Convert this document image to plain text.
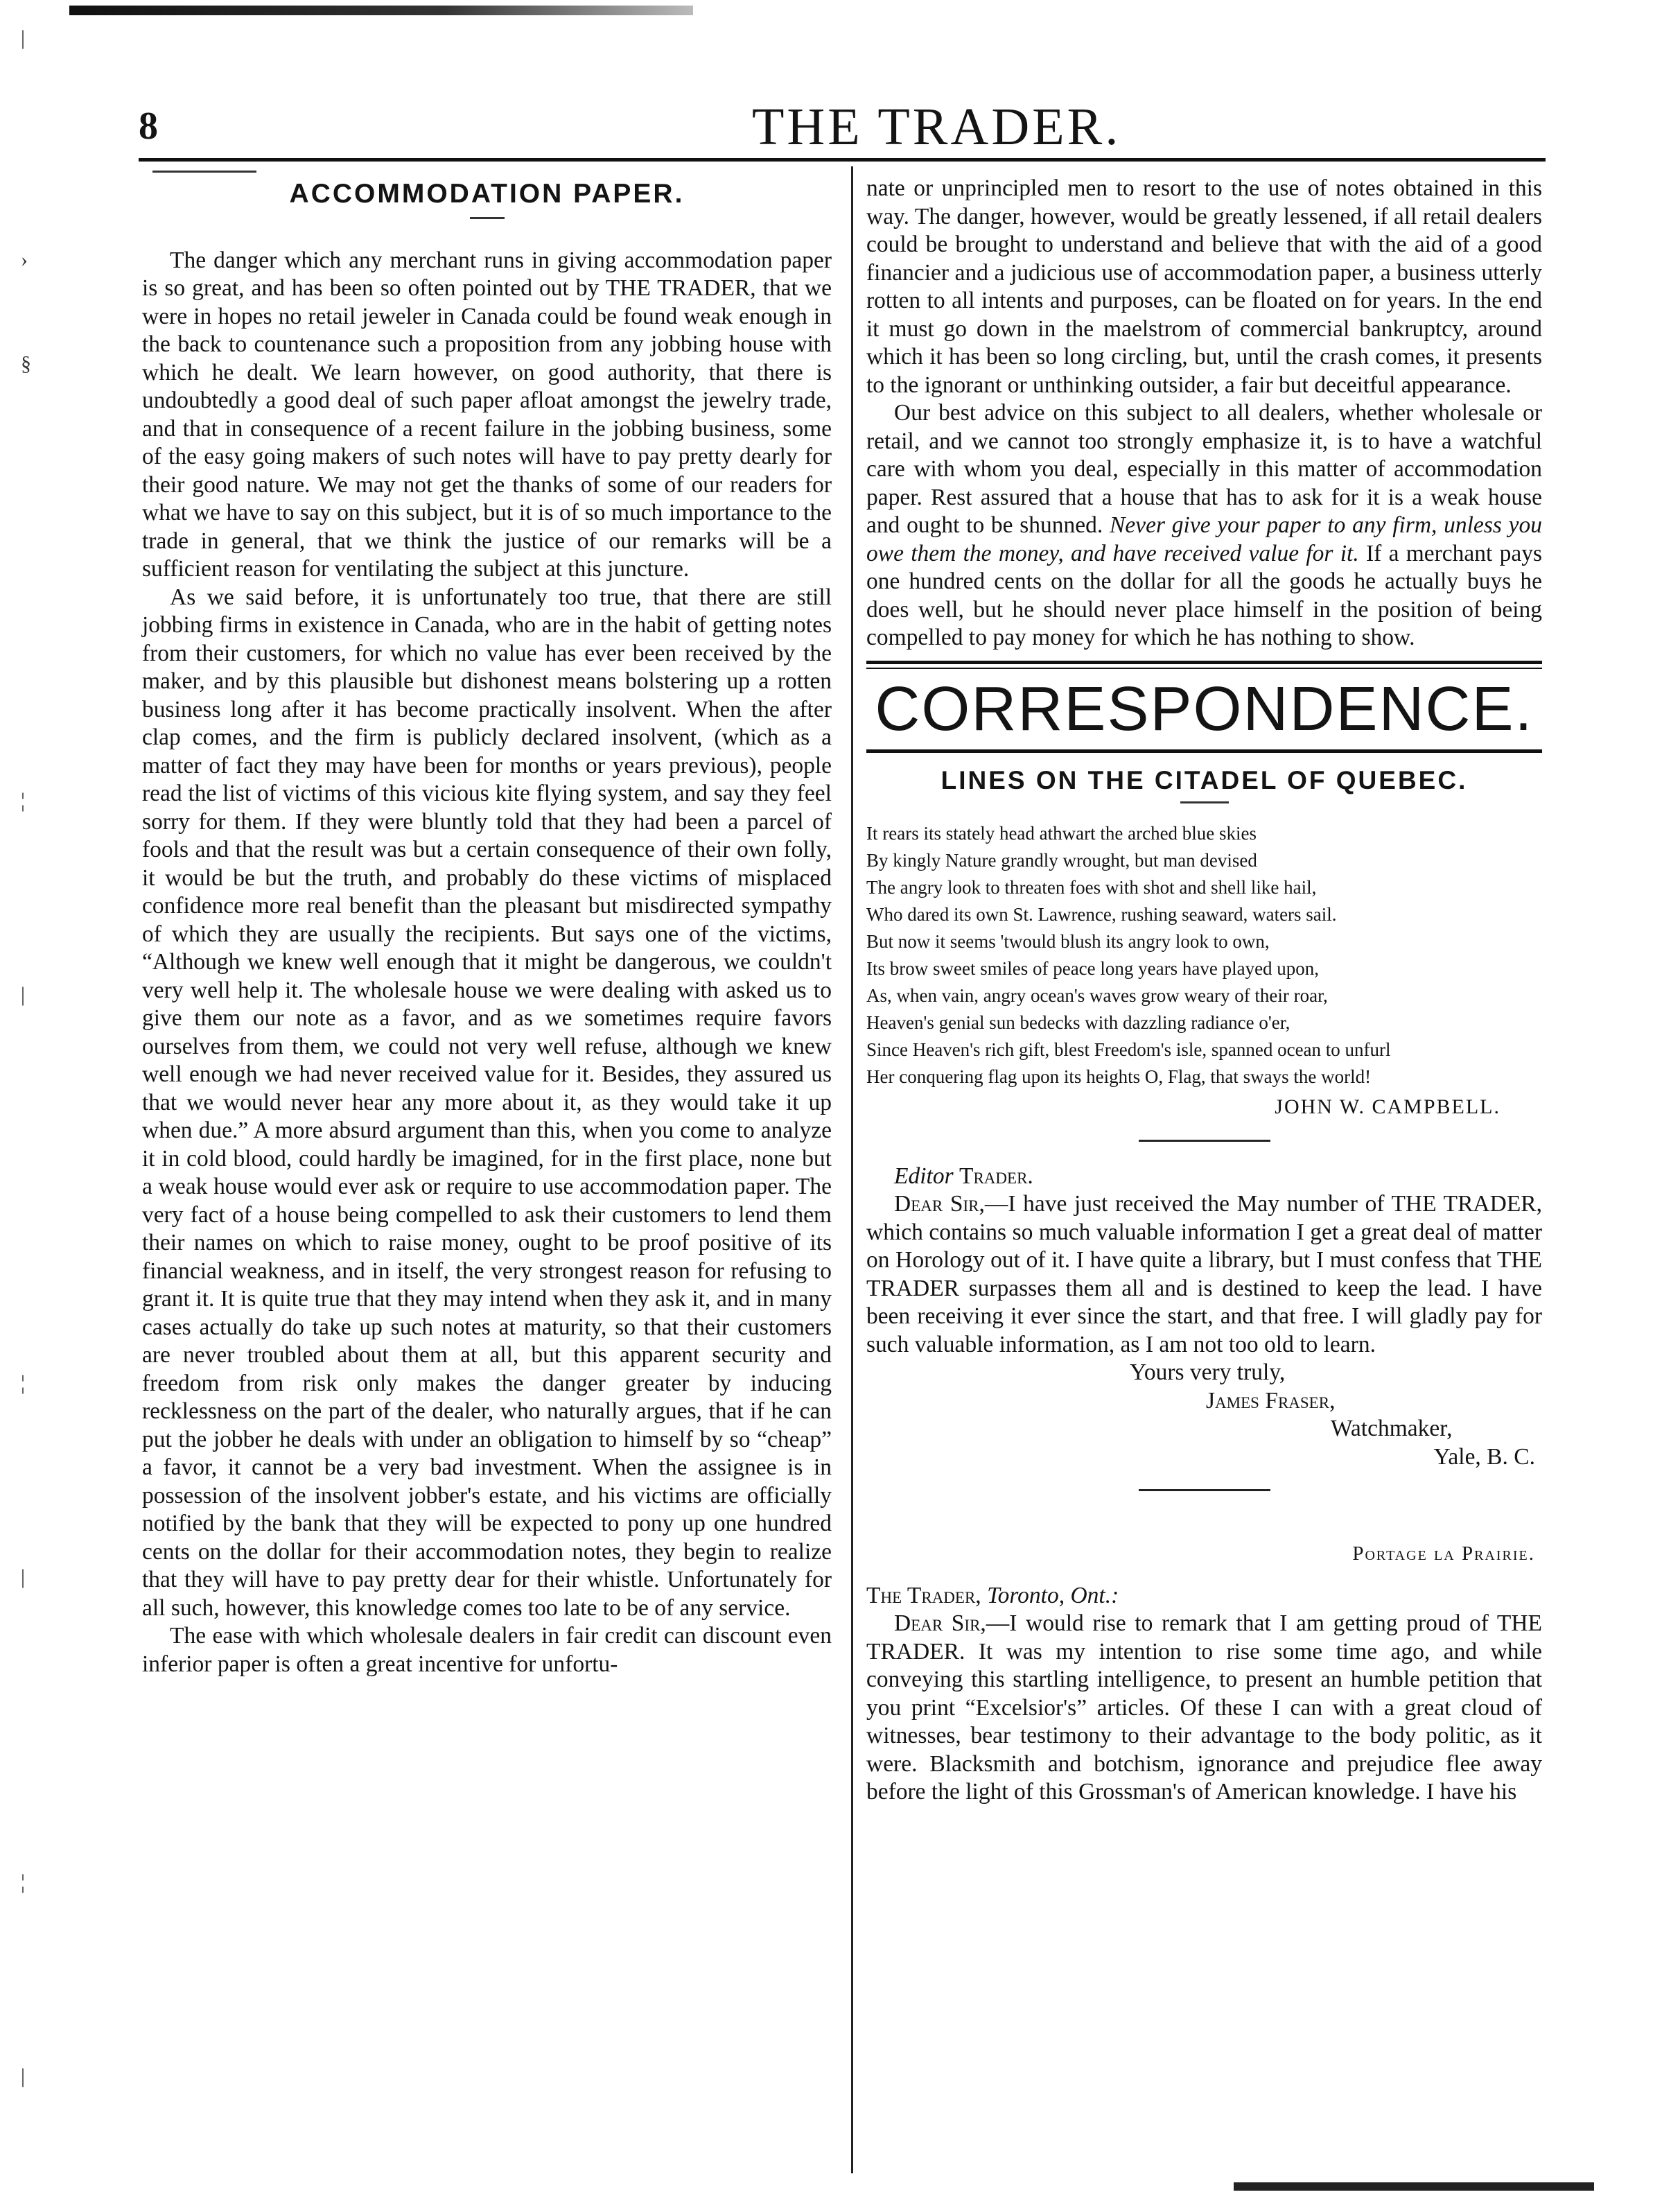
|
›
§
¦
|
¦
|
¦
|
8	THE TRADER.
ACCOMMODATION PAPER.

The danger which any merchant runs in giving accommodation paper is so great, and has been so often pointed out by THE TRADER, that we were in hopes no retail jeweler in Canada could be found weak enough in the back to countenance such a proposition from any jobbing house with which he dealt. We learn however, on good authority, that there is undoubtedly a good deal of such paper afloat amongst the jewelry trade, and that in consequence of a recent failure in the jobbing business, some of the easy going makers of such notes will have to pay pretty dearly for their good nature. We may not get the thanks of some of our readers for what we have to say on this subject, but it is of so much importance to the trade in general, that we think the justice of our remarks will be a sufficient reason for ventilating the subject at this juncture.

As we said before, it is unfortunately too true, that there are still jobbing firms in existence in Canada, who are in the habit of getting notes from their customers, for which no value has ever been received by the maker, and by this plausible but dishonest means bolstering up a rotten business long after it has become practically insolvent. When the after clap comes, and the firm is publicly declared insolvent, (which as a matter of fact they may have been for months or years previous), people read the list of victims of this vicious kite flying system, and say they feel sorry for them. If they were bluntly told that they had been a parcel of fools and that the result was but a certain consequence of their own folly, it would be but the truth, and probably do these victims of misplaced confidence more real benefit than the pleasant but misdirected sympathy of which they are usually the recipients. But says one of the victims, “Although we knew well enough that it might be dangerous, we couldn't very well help it. The wholesale house we were dealing with asked us to give them our note as a favor, and as we sometimes require favors ourselves from them, we could not very well refuse, although we knew well enough we had never received value for it. Besides, they assured us that we would never hear any more about it, as they would take it up when due.” A more absurd argument than this, when you come to analyze it in cold blood, could hardly be imagined, for in the first place, none but a weak house would ever ask or require to use accommodation paper. The very fact of a house being compelled to ask their customers to lend them their names on which to raise money, ought to be proof positive of its financial weakness, and in itself, the very strongest reason for refusing to grant it. It is quite true that they may intend when they ask it, and in many cases actually do take up such notes at maturity, so that their customers are never troubled about them at all, but this apparent security and freedom from risk only makes the danger greater by inducing recklessness on the part of the dealer, who naturally argues, that if he can put the jobber he deals with under an obligation to himself by so “cheap” a favor, it cannot be a very bad investment. When the assignee is in possession of the insolvent jobber's estate, and his victims are officially notified by the bank that they will be expected to pony up one hundred cents on the dollar for their accommodation notes, they begin to realize that they will have to pay pretty dear for their whistle. Unfortunately for all such, however, this knowledge comes too late to be of any service.

The ease with which wholesale dealers in fair credit can discount even inferior paper is often a great incentive for unfortu-

nate or unprincipled men to resort to the use of notes obtained in this way. The danger, however, would be greatly lessened, if all retail dealers could be brought to understand and believe that with the aid of a good financier and a judicious use of accommodation paper, a business utterly rotten to all intents and purposes, can be floated on for years. In the end it must go down in the maelstrom of commercial bankruptcy, around which it has been so long circling, but, until the crash comes, it presents to the ignorant or unthinking outsider, a fair but deceitful appearance.

Our best advice on this subject to all dealers, whether wholesale or retail, and we cannot too strongly emphasize it, is to have a watchful care with whom you deal, especially in this matter of accommodation paper. Rest assured that a house that has to ask for it is a weak house and ought to be shunned. Never give your paper to any firm, unless you owe them the money, and have received value for it. If a merchant pays one hundred cents on the dollar for all the goods he actually buys he does well, but he should never place himself in the position of being compelled to pay money for which he has nothing to show.

CORRESPONDENCE.
LINES ON THE CITADEL OF QUEBEC.
It rears its stately head athwart the arched blue skies
By kingly Nature grandly wrought, but man devised
The angry look to threaten foes with shot and shell like hail,
Who dared its own St. Lawrence, rushing seaward, waters sail.
But now it seems 'twould blush its angry look to own,
Its brow sweet smiles of peace long years have played upon,
As, when vain, angry ocean's waves grow weary of their roar,
Heaven's genial sun bedecks with dazzling radiance o'er,
Since Heaven's rich gift, blest Freedom's isle, spanned ocean to unfurl
Her conquering flag upon its heights O, Flag, that sways the world!
JOHN W. CAMPBELL.

Editor Trader.

Dear Sir,—I have just received the May number of THE TRADER, which contains so much valuable information I get a great deal of matter on Horology out of it. I have quite a library, but I must confess that THE TRADER surpasses them all and is destined to keep the lead. I have been receiving it ever since the start, and that free. I will gladly pay for such valuable information, as I am not too old to learn.

Yours very truly,
James Fraser,
Watchmaker,
Yale, B. C.
Portage la Prairie.

The Trader, Toronto, Ont.:

Dear Sir,—I would rise to remark that I am getting proud of THE TRADER. It was my intention to rise some time ago, and while conveying this startling intelligence, to present an humble petition that you print “Excelsior's” articles. Of these I can with a great cloud of witnesses, bear testimony to their advantage to the body politic, as it were. Blacksmith and botchism, ignorance and prejudice flee away before the light of this Grossman's of American knowledge. I have his
